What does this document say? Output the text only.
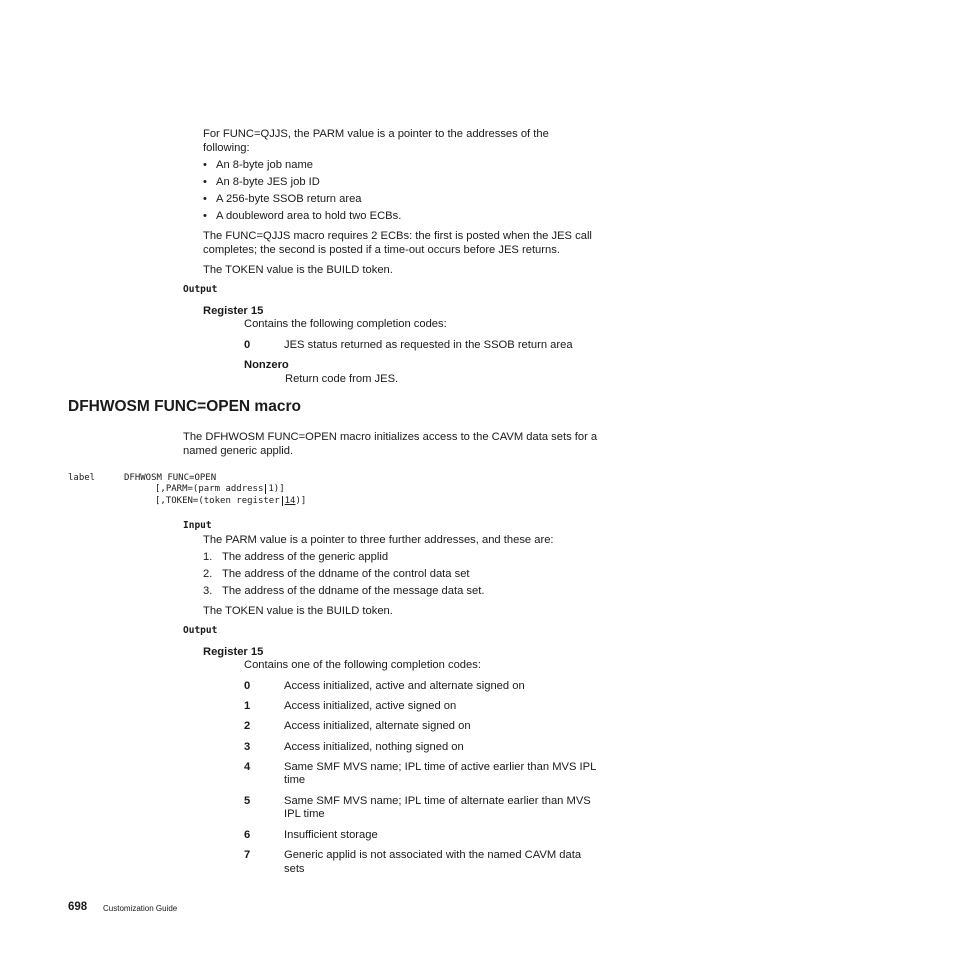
For FUNC=QJJS, the PARM value is a pointer to the addresses of the
following:
• An 8-byte job name
• An 8-byte JES job ID
• A 256-byte SSOB return area
• A doubleword area to hold two ECBs.
The FUNC=QJJS macro requires 2 ECBs: the first is posted when the JES call
completes; the second is posted if a time-out occurs before JES returns.
The TOKEN value is the BUILD token.
Output
Register 15
Contains the following completion codes:
0	JES status returned as requested in the SSOB return area
Nonzero
Return code from JES.
DFHWOSM FUNC=OPEN macro
The DFHWOSM FUNC=OPEN macro initializes access to the CAVM data sets for a
named generic applid.
label	DFHWOSM FUNC=OPEN
[,PARM=(parm address 1)]
[,TOKEN=(token register 14)]
Input
The PARM value is a pointer to three further addresses, and these are:
1. The address of the generic applid
2. The address of the ddname of the control data set
3. The address of the ddname of the message data set.
The TOKEN value is the BUILD token.
Output
Register 15
Contains one of the following completion codes:
0	Access initialized, active and alternate signed on
1	Access initialized, active signed on
2	Access initialized, alternate signed on
3	Access initialized, nothing signed on
4	Same SMF MVS name; IPL time of active earlier than MVS IPL
time
5	Same SMF MVS name; IPL time of alternate earlier than MVS
IPL time
6	Insufficient storage
7	Generic applid is not associated with the named CAVM data
sets
698 Customization Guide
